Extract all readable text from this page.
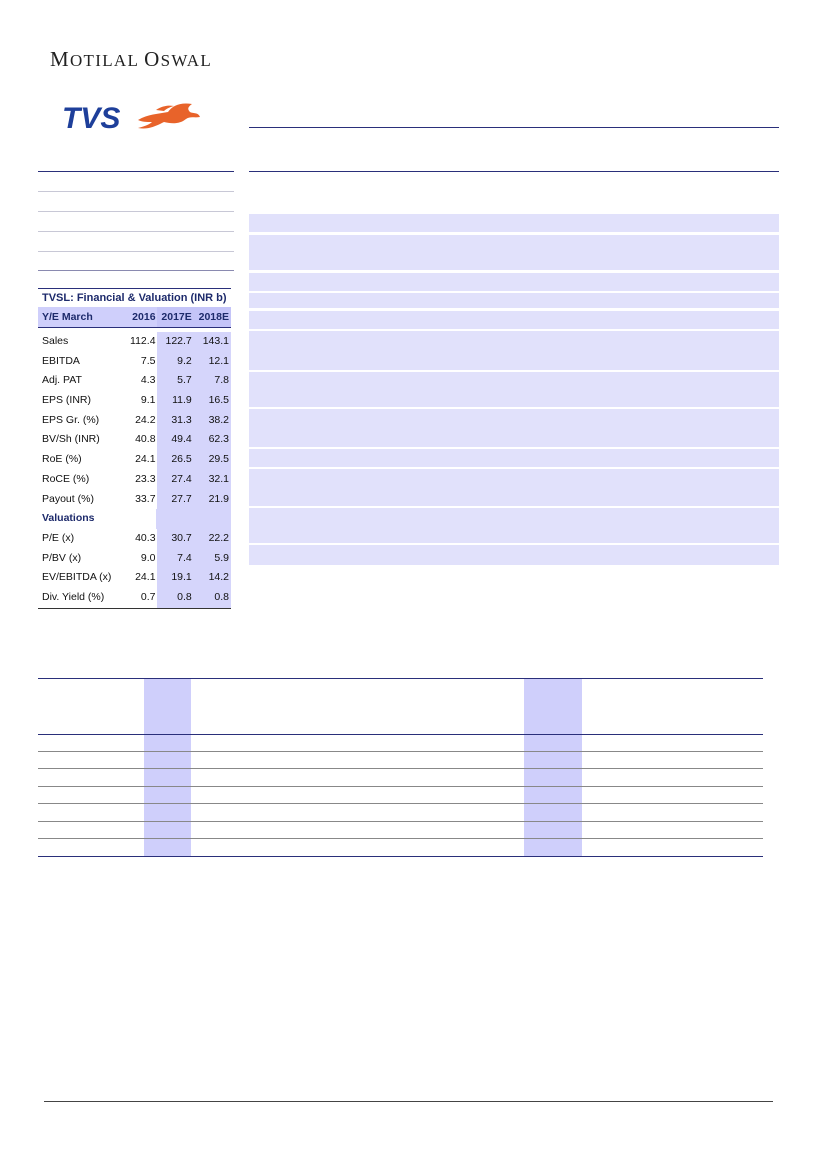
MOTILAL OSWAL
TVS
TVSL: Financial & Valuation (INR b)
Y/E March	2016 2017E 2018E
Sales	112.4 122.7	143.1
EBITDA	7.5	9.2	12.1
Adj. PAT	4.3	5.7	7.8
EPS (INR)	9.1	11.9	16.5
EPS Gr. (%)	24.2	31.3	38.2
BV/Sh (INR)	40.8	49.4	62.3
RoE (%)	24.1	26.5	29.5
RoCE (%)	23.3	27.4	32.1
Payout (%)	33.7	27.7	21.9
Valuations
P/E (x)	40.3	30.7	22.2
P/BV (x)	9.0	7.4	5.9
EV/EBITDA (x)	24.1	19.1	14.2
Div. Yield (%)	0.7	0.8	0.8
